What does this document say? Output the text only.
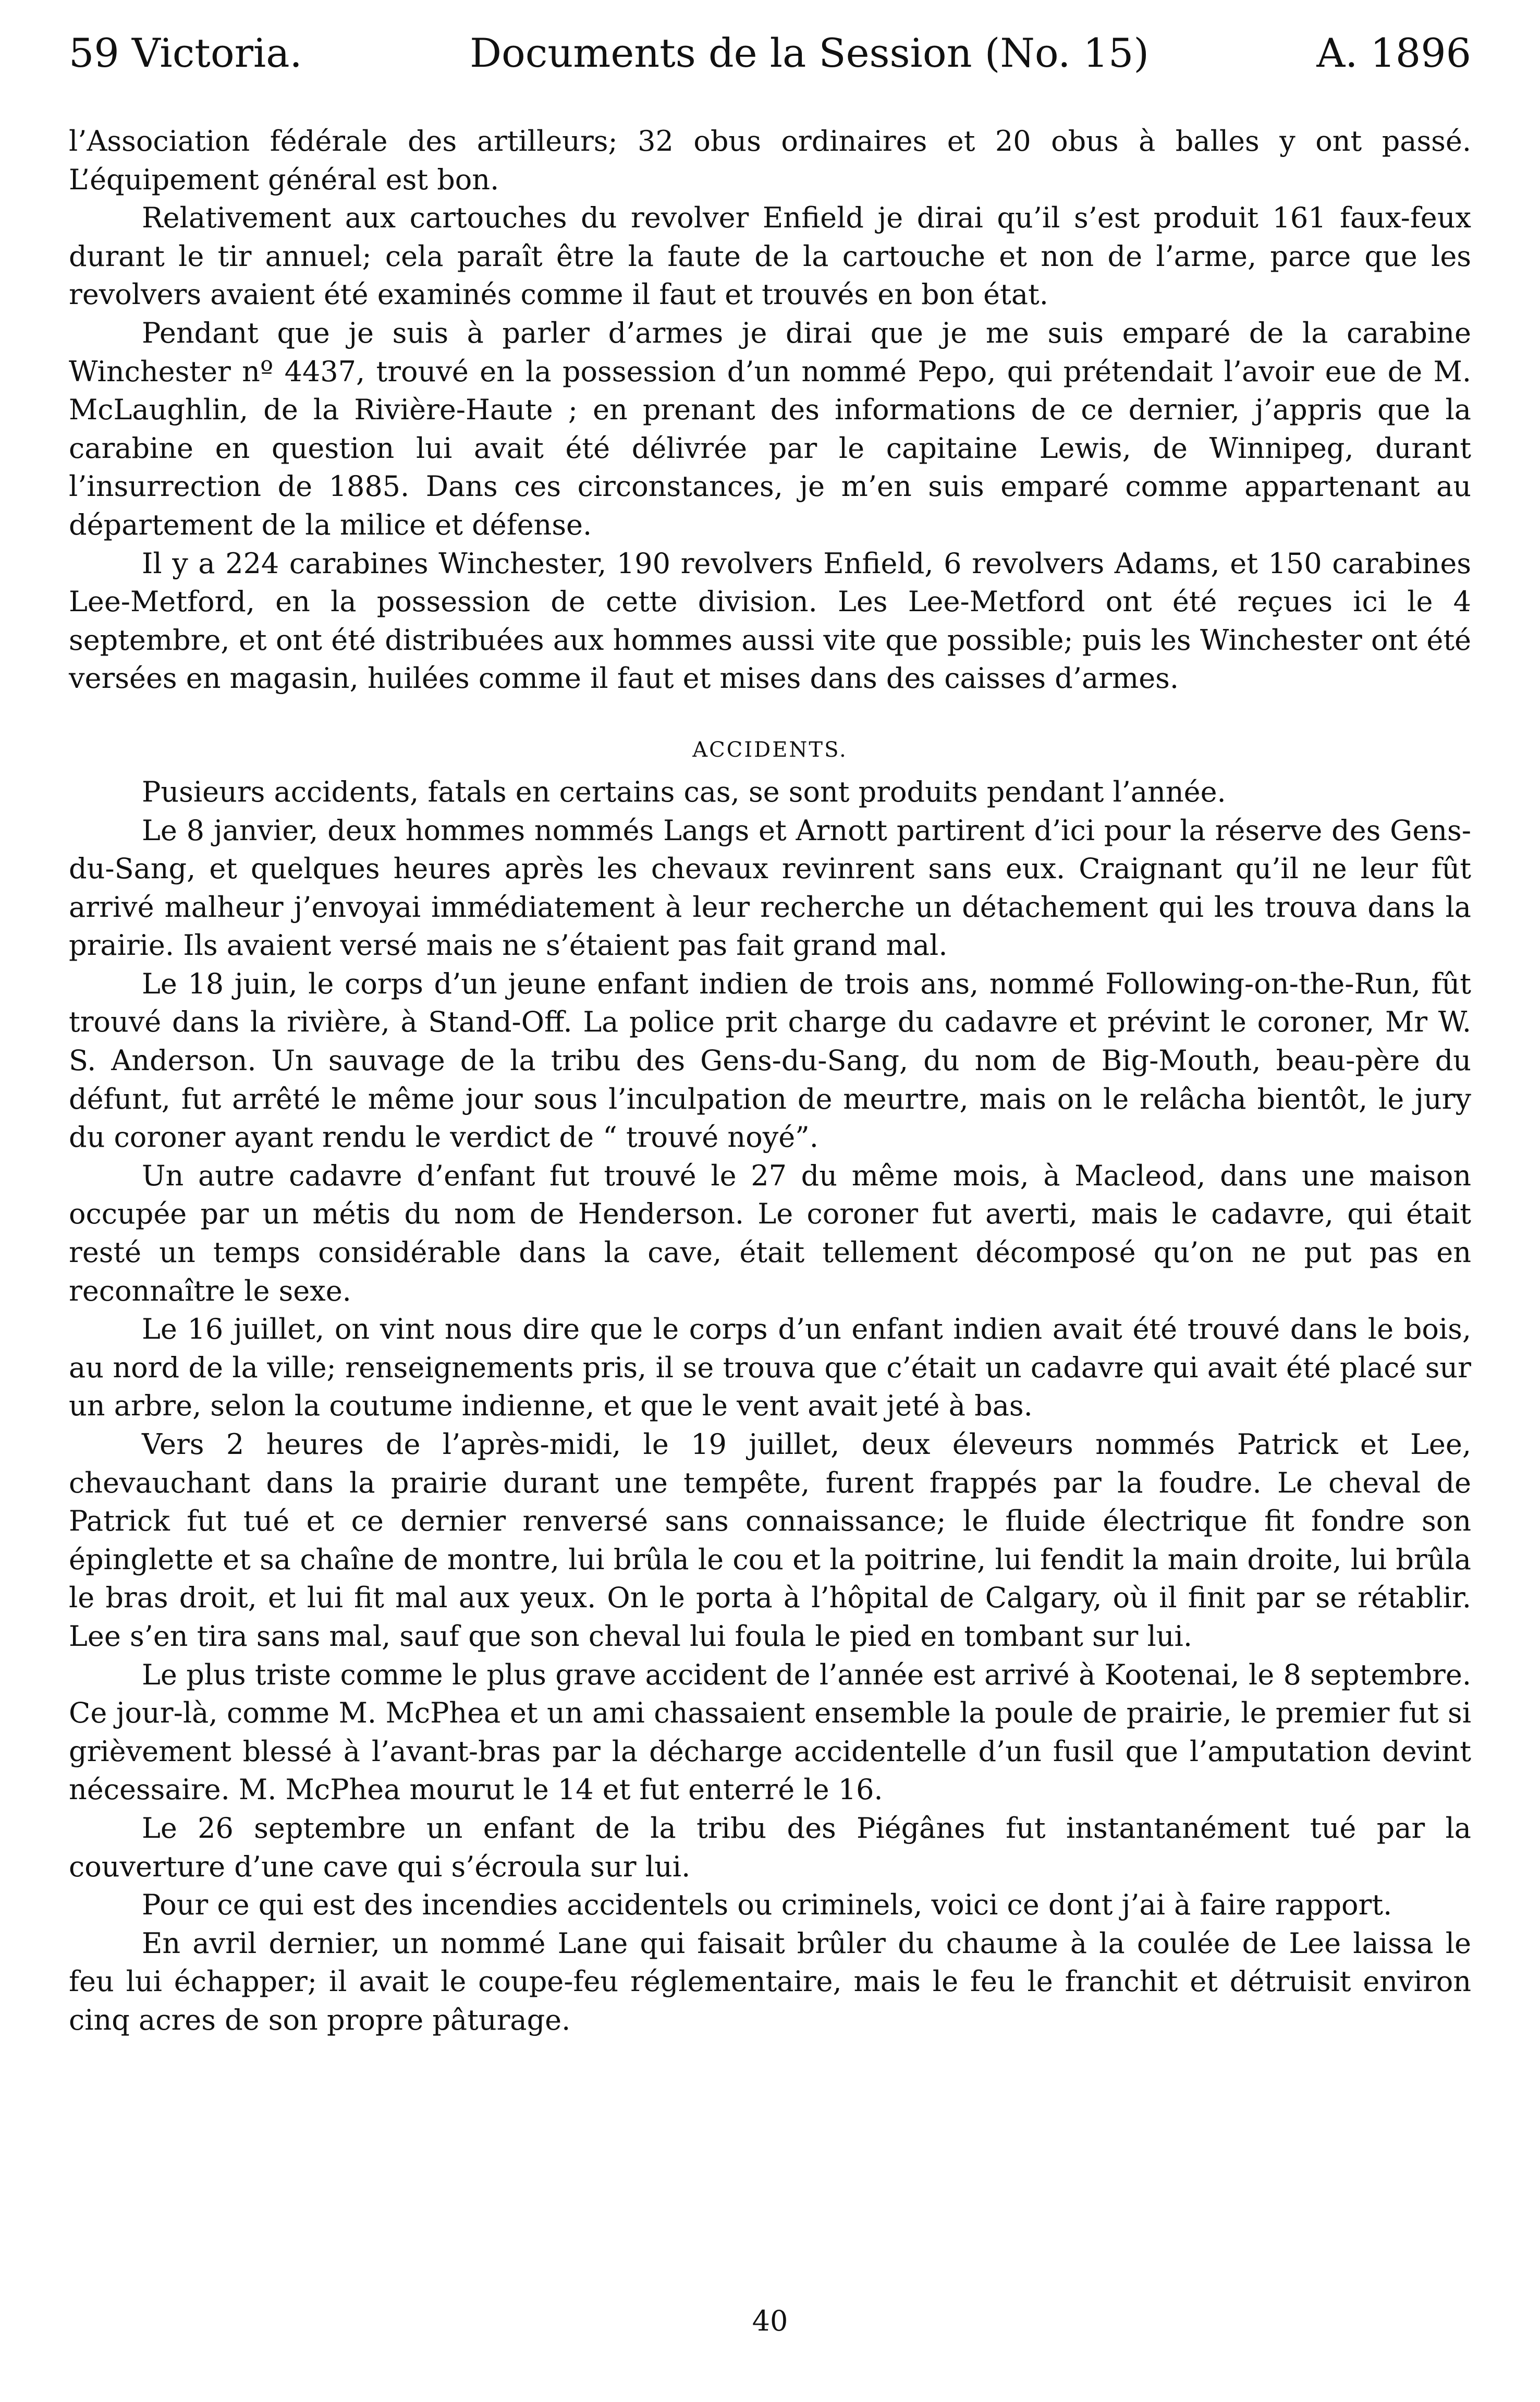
59 Victoria.	Documents de la Session (No. 15)	A. 1896

l’Association fédérale des artilleurs; 32 obus ordinaires et 20 obus à balles y ont passé. L’équipement général est bon.

Relativement aux cartouches du revolver Enfield je dirai qu’il s’est produit 161 faux-feux durant le tir annuel; cela paraît être la faute de la cartouche et non de l’arme, parce que les revolvers avaient été examinés comme il faut et trouvés en bon état.

Pendant que je suis à parler d’armes je dirai que je me suis emparé de la carabine Winchester nº 4437, trouvé en la possession d’un nommé Pepo, qui prétendait l’avoir eue de M. McLaughlin, de la Rivière-Haute ; en prenant des informations de ce dernier, j’appris que la carabine en question lui avait été délivrée par le capitaine Lewis, de Winnipeg, durant l’insurrection de 1885. Dans ces circonstances, je m’en suis emparé comme appartenant au département de la milice et défense.

Il y a 224 carabines Winchester, 190 revolvers Enfield, 6 revolvers Adams, et 150 carabines Lee-Metford, en la possession de cette division. Les Lee-Metford ont été reçues ici le 4 septembre, et ont été distribuées aux hommes aussi vite que possible; puis les Winchester ont été versées en magasin, huilées comme il faut et mises dans des caisses d’armes.

ACCIDENTS.

Pusieurs accidents, fatals en certains cas, se sont produits pendant l’année.

Le 8 janvier, deux hommes nommés Langs et Arnott partirent d’ici pour la réserve des Gens-du-Sang, et quelques heures après les chevaux revinrent sans eux. Craignant qu’il ne leur fût arrivé malheur j’envoyai immédiatement à leur recherche un détachement qui les trouva dans la prairie. Ils avaient versé mais ne s’étaient pas fait grand mal.

Le 18 juin, le corps d’un jeune enfant indien de trois ans, nommé Following-on-the-Run, fût trouvé dans la rivière, à Stand-Off. La police prit charge du cadavre et prévint le coroner, Mr W. S. Anderson. Un sauvage de la tribu des Gens-du-Sang, du nom de Big-Mouth, beau-père du défunt, fut arrêté le même jour sous l’inculpation de meurtre, mais on le relâcha bientôt, le jury du coroner ayant rendu le verdict de “ trouvé noyé”.

Un autre cadavre d’enfant fut trouvé le 27 du même mois, à Macleod, dans une maison occupée par un métis du nom de Henderson. Le coroner fut averti, mais le cadavre, qui était resté un temps considérable dans la cave, était tellement décomposé qu’on ne put pas en reconnaître le sexe.

Le 16 juillet, on vint nous dire que le corps d’un enfant indien avait été trouvé dans le bois, au nord de la ville; renseignements pris, il se trouva que c’était un cadavre qui avait été placé sur un arbre, selon la coutume indienne, et que le vent avait jeté à bas.

Vers 2 heures de l’après-midi, le 19 juillet, deux éleveurs nommés Patrick et Lee, chevauchant dans la prairie durant une tempête, furent frappés par la foudre. Le cheval de Patrick fut tué et ce dernier renversé sans connaissance; le fluide électrique fit fondre son épinglette et sa chaîne de montre, lui brûla le cou et la poitrine, lui fendit la main droite, lui brûla le bras droit, et lui fit mal aux yeux. On le porta à l’hôpital de Calgary, où il finit par se rétablir. Lee s’en tira sans mal, sauf que son cheval lui foula le pied en tombant sur lui.

Le plus triste comme le plus grave accident de l’année est arrivé à Kootenai, le 8 septembre. Ce jour-là, comme M. McPhea et un ami chassaient ensemble la poule de prairie, le premier fut si grièvement blessé à l’avant-bras par la décharge accidentelle d’un fusil que l’amputation devint nécessaire. M. McPhea mourut le 14 et fut enterré le 16.

Le 26 septembre un enfant de la tribu des Piégânes fut instantanément tué par la couverture d’une cave qui s’écroula sur lui.

Pour ce qui est des incendies accidentels ou criminels, voici ce dont j’ai à faire rapport.

En avril dernier, un nommé Lane qui faisait brûler du chaume à la coulée de Lee laissa le feu lui échapper; il avait le coupe-feu réglementaire, mais le feu le franchit et détruisit environ cinq acres de son propre pâturage.

40
